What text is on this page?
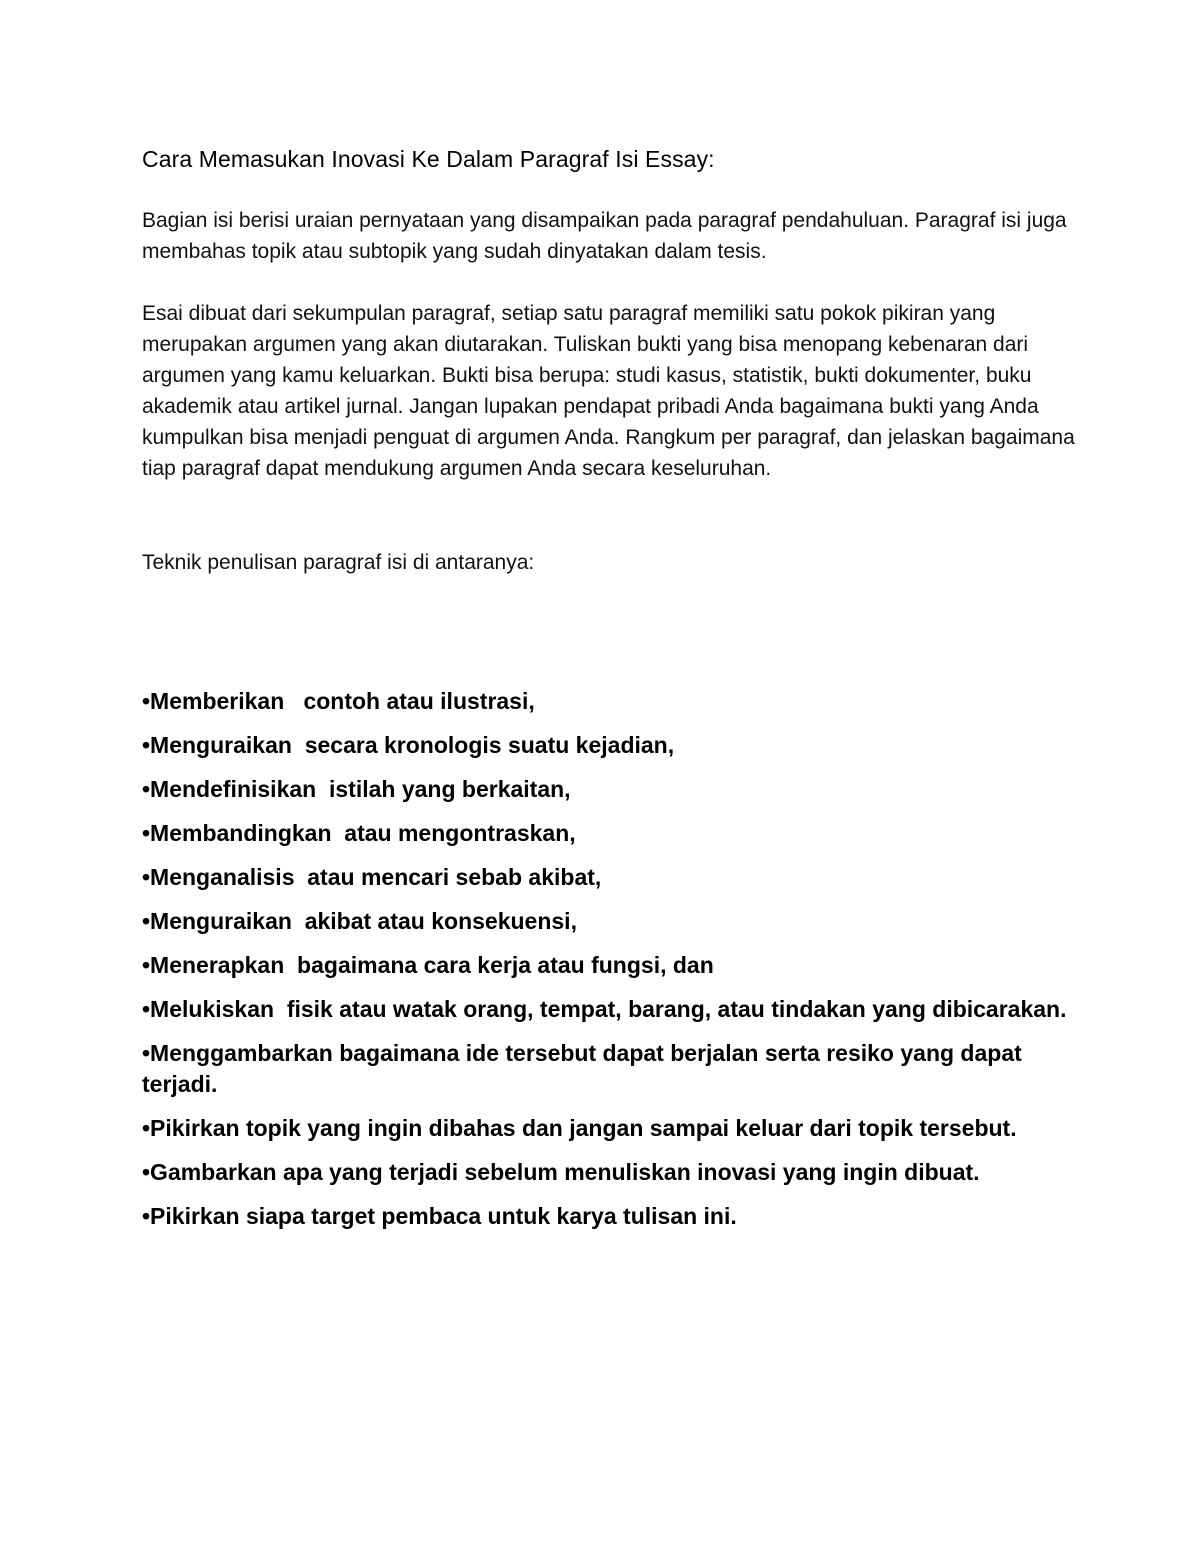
Cara Memasukan Inovasi Ke Dalam Paragraf Isi Essay:

Bagian isi berisi uraian pernyataan yang disampaikan pada paragraf pendahuluan. Paragraf isi juga membahas topik atau subtopik yang sudah dinyatakan dalam tesis.

Esai dibuat dari sekumpulan paragraf, setiap satu paragraf memiliki satu pokok pikiran yang merupakan argumen yang akan diutarakan. Tuliskan bukti yang bisa menopang kebenaran dari argumen yang kamu keluarkan. Bukti bisa berupa: studi kasus, statistik, bukti dokumenter, buku akademik atau artikel jurnal. Jangan lupakan pendapat pribadi Anda bagaimana bukti yang Anda kumpulkan bisa menjadi penguat di argumen Anda. Rangkum per paragraf, dan jelaskan bagaimana tiap paragraf dapat mendukung argumen Anda secara keseluruhan.

Teknik penulisan paragraf isi di antaranya:

•Memberikan   contoh atau ilustrasi,
•Menguraikan  secara kronologis suatu kejadian,
•Mendefinisikan  istilah yang berkaitan,
•Membandingkan  atau mengontraskan,
•Menganalisis  atau mencari sebab akibat,
•Menguraikan  akibat atau konsekuensi,
•Menerapkan  bagaimana cara kerja atau fungsi, dan
•Melukiskan  fisik atau watak orang, tempat, barang, atau tindakan yang dibicarakan.
•Menggambarkan bagaimana ide tersebut dapat berjalan serta resiko yang dapat terjadi.
•Pikirkan topik yang ingin dibahas dan jangan sampai keluar dari topik tersebut.
•Gambarkan apa yang terjadi sebelum menuliskan inovasi yang ingin dibuat.
•Pikirkan siapa target pembaca untuk karya tulisan ini.
